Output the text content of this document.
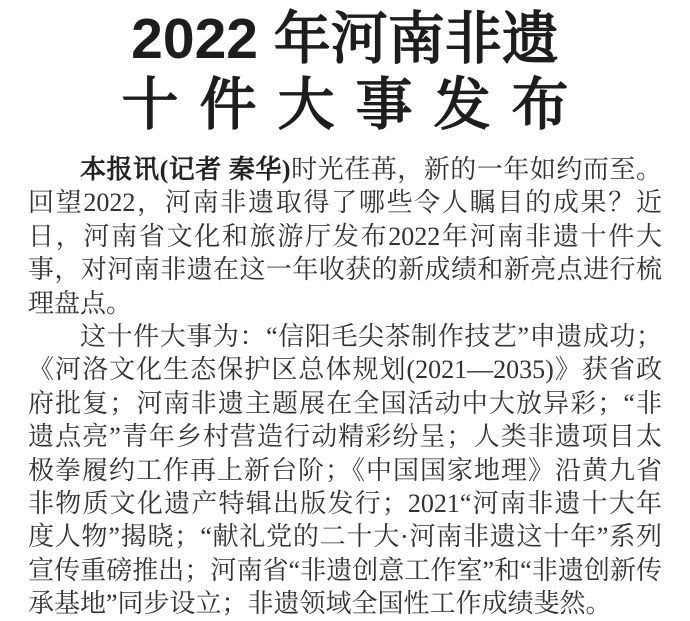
2022 年河南非遗
十件大事发布

本报讯(记者 秦华)时光荏苒，新的一年如约而至。回望2022，河南非遗取得了哪些令人瞩目的成果？近日，河南省文化和旅游厅发布2022年河南非遗十件大事，对河南非遗在这一年收获的新成绩和新亮点进行梳理盘点。

这十件大事为：“信阳毛尖茶制作技艺”申遗成功；《河洛文化生态保护区总体规划(2021—2035)》获省政府批复；河南非遗主题展在全国活动中大放异彩；“非遗点亮”青年乡村营造行动精彩纷呈；人类非遗项目太极拳履约工作再上新台阶；《中国国家地理》沿黄九省非物质文化遗产特辑出版发行；2021“河南非遗十大年度人物”揭晓；“献礼党的二十大·河南非遗这十年”系列宣传重磅推出；河南省“非遗创意工作室”和“非遗创新传承基地”同步设立；非遗领域全国性工作成绩斐然。
